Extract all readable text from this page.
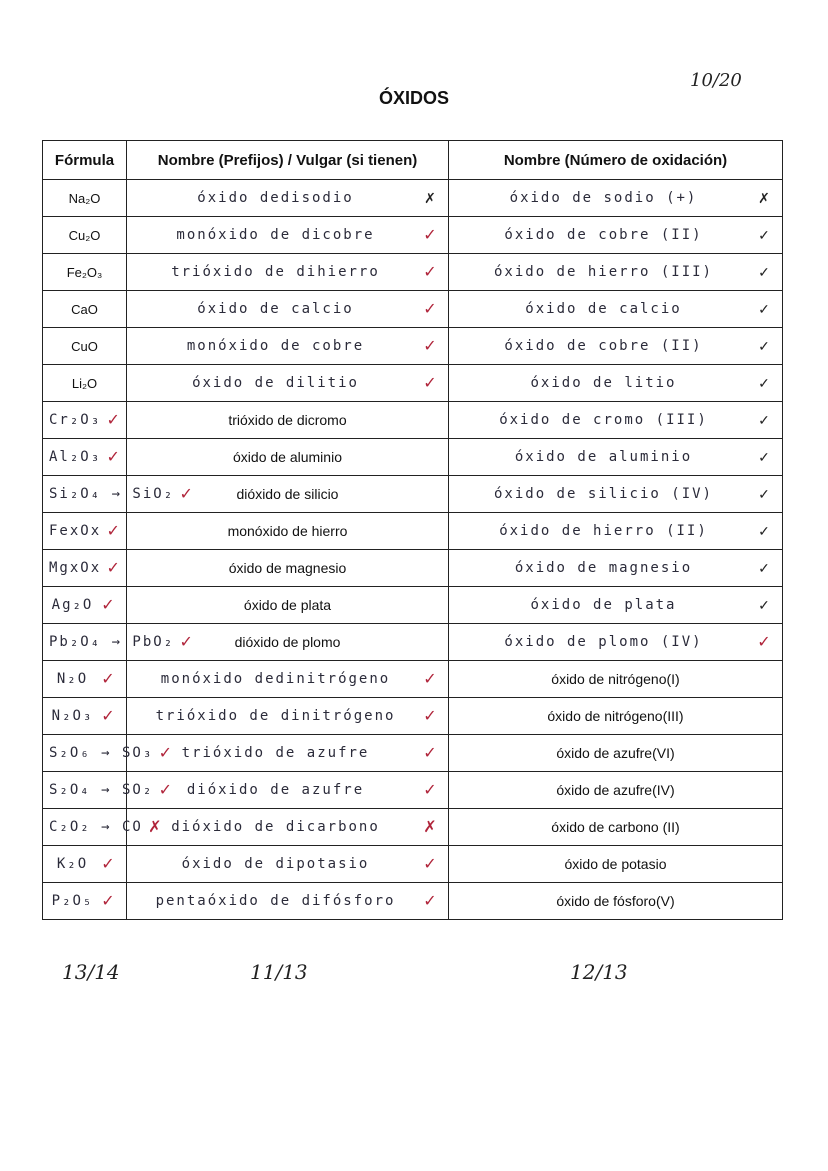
ÓXIDOS
10/20
Fórmula	Nombre (Prefijos) / Vulgar (si tienen)	Nombre (Número de oxidación)
Na₂O	óxido dedisodio ✗	óxido de sodio (+) ✗

Cu₂O	monóxido de dicobre ✓	óxido de cobre (II) ✓

Fe₂O₃	trióxido de dihierro ✓	óxido de hierro (III) ✓

CaO	óxido de calcio ✓	óxido de calcio ✓

CuO	monóxido de cobre ✓	óxido de cobre (II) ✓

Li₂O	óxido de dilitio ✓	óxido de litio ✓

Cr₂O₃ ✓	trióxido de dicromo	óxido de cromo (III) ✓

Al₂O₃ ✓	óxido de aluminio	óxido de aluminio ✓

Si₂O₄ → SiO₂ ✓	dióxido de silicio	óxido de silicio (IV) ✓

FexOx ✓	monóxido de hierro	óxido de hierro (II) ✓

MgxOx ✓	óxido de magnesio	óxido de magnesio ✓

Ag₂O ✓	óxido de plata	óxido de plata ✓

Pb₂O₄ → PbO₂ ✓	dióxido de plomo	óxido de plomo (IV) ✓

N₂O ✓	monóxido dedinitrógeno ✓	óxido de nitrógeno(I)

N₂O₃ ✓	trióxido de dinitrógeno ✓	óxido de nitrógeno(III)

S₂O₆ → SO₃ ✓	trióxido de azufre ✓	óxido de azufre(VI)

S₂O₄ → SO₂ ✓	dióxido de azufre ✓	óxido de azufre(IV)

C₂O₂ → CO ✗	dióxido de dicarbono ✗	óxido de carbono (II)

K₂O ✓	óxido de dipotasio ✓	óxido de potasio

P₂O₅ ✓	pentaóxido de difósforo ✓	óxido de fósforo(V)
13/14	11/13	12/13
